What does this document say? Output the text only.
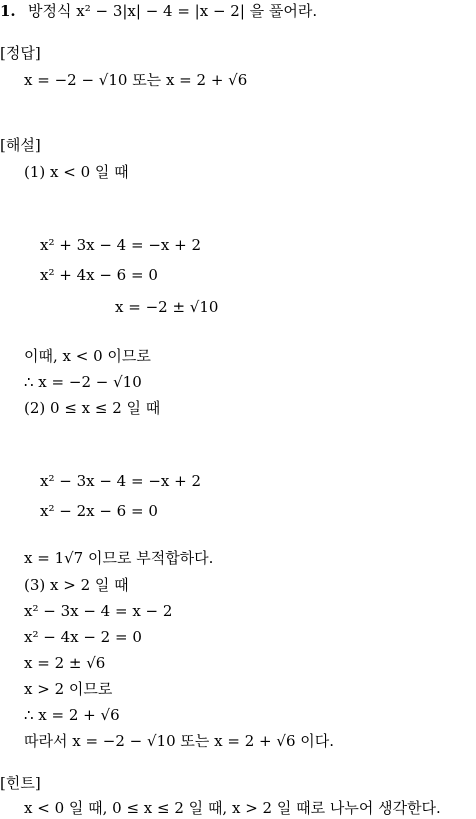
1. 방정식 x² − 3|x| − 4 = |x − 2| 을 풀어라.
[정답]
x = −2 − √10 또는 x = 2 + √6
[해설]
(1) x < 0 일 때
x² + 3x − 4 = −x + 2
x² + 4x − 6 = 0
x = −2 ± √10
이때, x < 0 이므로
∴ x = −2 − √10
(2) 0 ≤ x ≤ 2 일 때
x² − 3x − 4 = −x + 2
x² − 2x − 6 = 0
x = 1√7 이므로 부적합하다.
(3) x > 2 일 때
x² − 3x − 4 = x − 2
x² − 4x − 2 = 0
x = 2 ± √6
x > 2 이므로
∴ x = 2 + √6
따라서 x = −2 − √10 또는 x = 2 + √6 이다.
[힌트]
x < 0 일 때, 0 ≤ x ≤ 2 일 때, x > 2 일 때로 나누어 생각한다.
